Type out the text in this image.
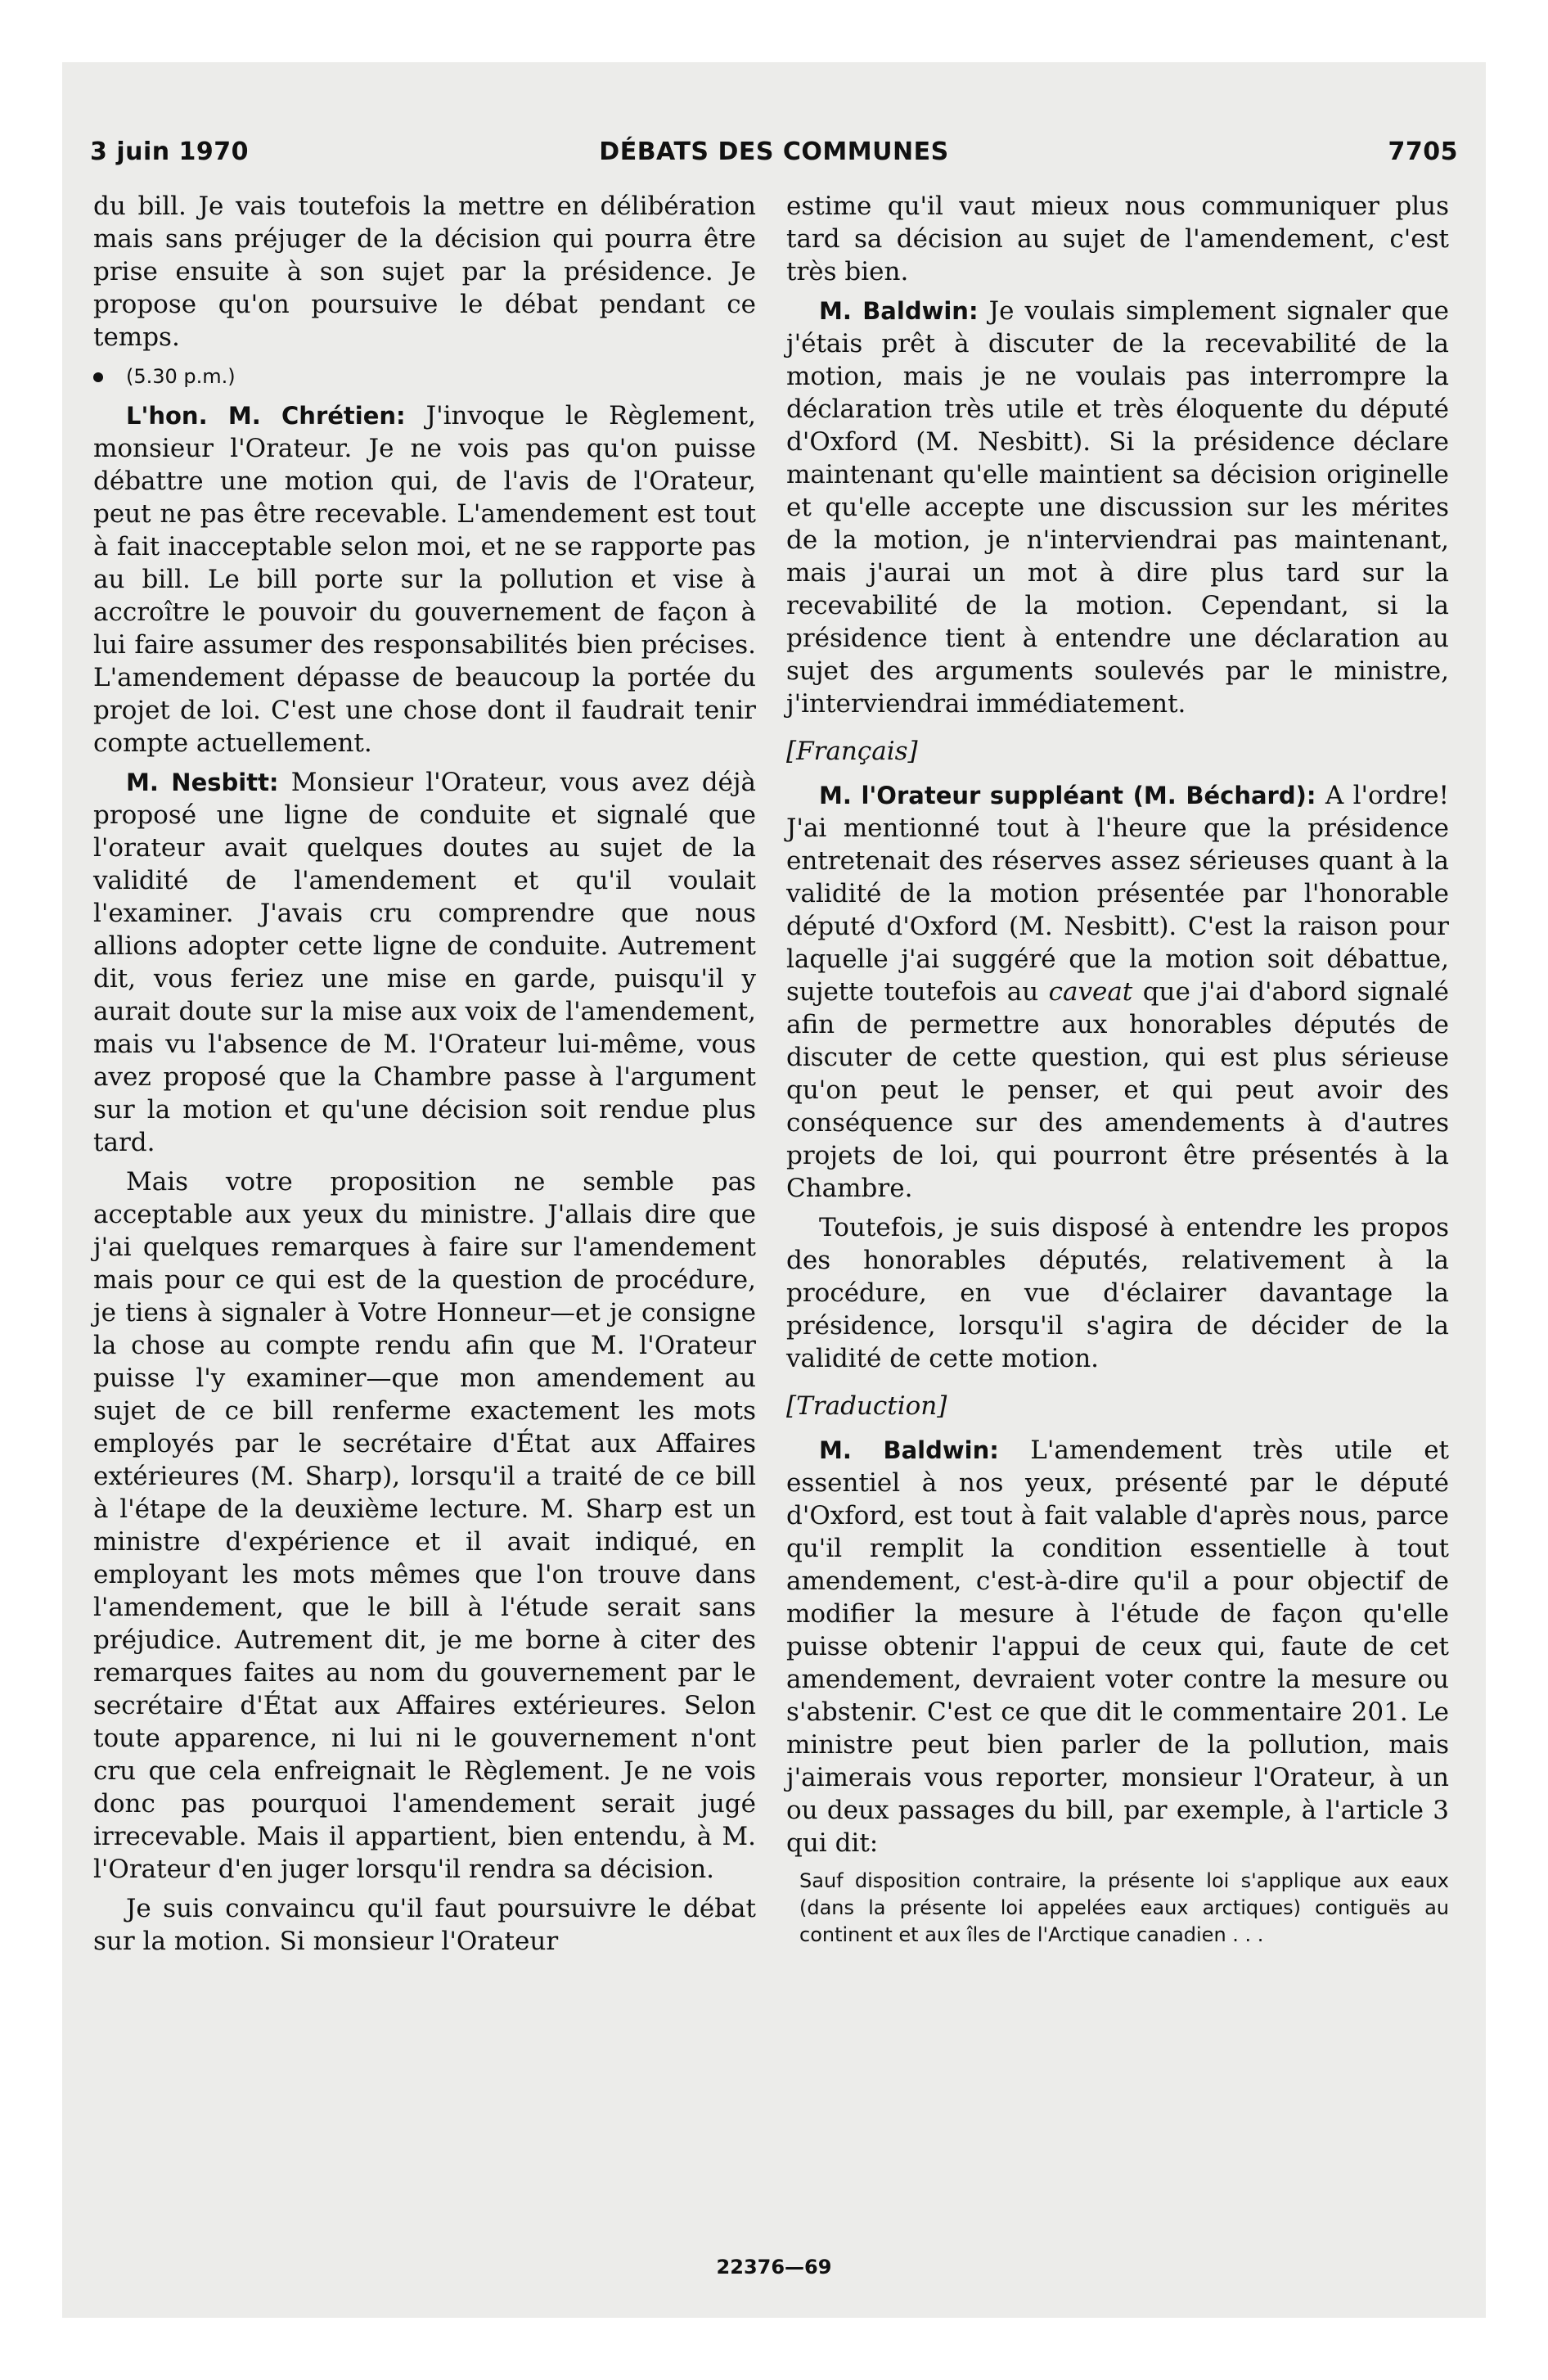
3 juin 1970	DÉBATS DES COMMUNES	7705

du bill. Je vais toutefois la mettre en délibération mais sans préjuger de la décision qui pourra être prise ensuite à son sujet par la présidence. Je propose qu'on poursuive le débat pendant ce temps.

(5.30 p.m.)

L'hon. M. Chrétien: J'invoque le Règlement, monsieur l'Orateur. Je ne vois pas qu'on puisse débattre une motion qui, de l'avis de l'Orateur, peut ne pas être recevable. L'amendement est tout à fait inacceptable selon moi, et ne se rapporte pas au bill. Le bill porte sur la pollution et vise à accroître le pouvoir du gouvernement de façon à lui faire assumer des responsabilités bien précises. L'amendement dépasse de beaucoup la portée du projet de loi. C'est une chose dont il faudrait tenir compte actuellement.

M. Nesbitt: Monsieur l'Orateur, vous avez déjà proposé une ligne de conduite et signalé que l'orateur avait quelques doutes au sujet de la validité de l'amendement et qu'il voulait l'examiner. J'avais cru comprendre que nous allions adopter cette ligne de conduite. Autrement dit, vous feriez une mise en garde, puisqu'il y aurait doute sur la mise aux voix de l'amendement, mais vu l'absence de M. l'Orateur lui-même, vous avez proposé que la Chambre passe à l'argument sur la motion et qu'une décision soit rendue plus tard.

Mais votre proposition ne semble pas acceptable aux yeux du ministre. J'allais dire que j'ai quelques remarques à faire sur l'amendement mais pour ce qui est de la question de procédure, je tiens à signaler à Votre Honneur—et je consigne la chose au compte rendu afin que M. l'Orateur puisse l'y examiner—que mon amendement au sujet de ce bill renferme exactement les mots employés par le secrétaire d'État aux Affaires extérieures (M. Sharp), lorsqu'il a traité de ce bill à l'étape de la deuxième lecture. M. Sharp est un ministre d'expérience et il avait indiqué, en employant les mots mêmes que l'on trouve dans l'amendement, que le bill à l'étude serait sans préjudice. Autrement dit, je me borne à citer des remarques faites au nom du gouvernement par le secrétaire d'État aux Affaires extérieures. Selon toute apparence, ni lui ni le gouvernement n'ont cru que cela enfreignait le Règlement. Je ne vois donc pas pourquoi l'amendement serait jugé irrecevable. Mais il appartient, bien entendu, à M. l'Orateur d'en juger lorsqu'il rendra sa décision.

Je suis convaincu qu'il faut poursuivre le débat sur la motion. Si monsieur l'Orateur

estime qu'il vaut mieux nous communiquer plus tard sa décision au sujet de l'amendement, c'est très bien.

M. Baldwin: Je voulais simplement signaler que j'étais prêt à discuter de la recevabilité de la motion, mais je ne voulais pas interrompre la déclaration très utile et très éloquente du député d'Oxford (M. Nesbitt). Si la présidence déclare maintenant qu'elle maintient sa décision originelle et qu'elle accepte une discussion sur les mérites de la motion, je n'interviendrai pas maintenant, mais j'aurai un mot à dire plus tard sur la recevabilité de la motion. Cependant, si la présidence tient à entendre une déclaration au sujet des arguments soulevés par le ministre, j'interviendrai immédiatement.

[Français]

M. l'Orateur suppléant (M. Béchard): A l'ordre! J'ai mentionné tout à l'heure que la présidence entretenait des réserves assez sérieuses quant à la validité de la motion présentée par l'honorable député d'Oxford (M. Nesbitt). C'est la raison pour laquelle j'ai suggéré que la motion soit débattue, sujette toutefois au caveat que j'ai d'abord signalé afin de permettre aux honorables députés de discuter de cette question, qui est plus sérieuse qu'on peut le penser, et qui peut avoir des conséquence sur des amendements à d'autres projets de loi, qui pourront être présentés à la Chambre.

Toutefois, je suis disposé à entendre les propos des honorables députés, relativement à la procédure, en vue d'éclairer davantage la présidence, lorsqu'il s'agira de décider de la validité de cette motion.

[Traduction]

M. Baldwin: L'amendement très utile et essentiel à nos yeux, présenté par le député d'Oxford, est tout à fait valable d'après nous, parce qu'il remplit la condition essentielle à tout amendement, c'est-à-dire qu'il a pour objectif de modifier la mesure à l'étude de façon qu'elle puisse obtenir l'appui de ceux qui, faute de cet amendement, devraient voter contre la mesure ou s'abstenir. C'est ce que dit le commentaire 201. Le ministre peut bien parler de la pollution, mais j'aimerais vous reporter, monsieur l'Orateur, à un ou deux passages du bill, par exemple, à l'article 3 qui dit:

Sauf disposition contraire, la présente loi s'applique aux eaux (dans la présente loi appelées eaux arctiques) contiguës au continent et aux îles de l'Arctique canadien . . .

22376—69
